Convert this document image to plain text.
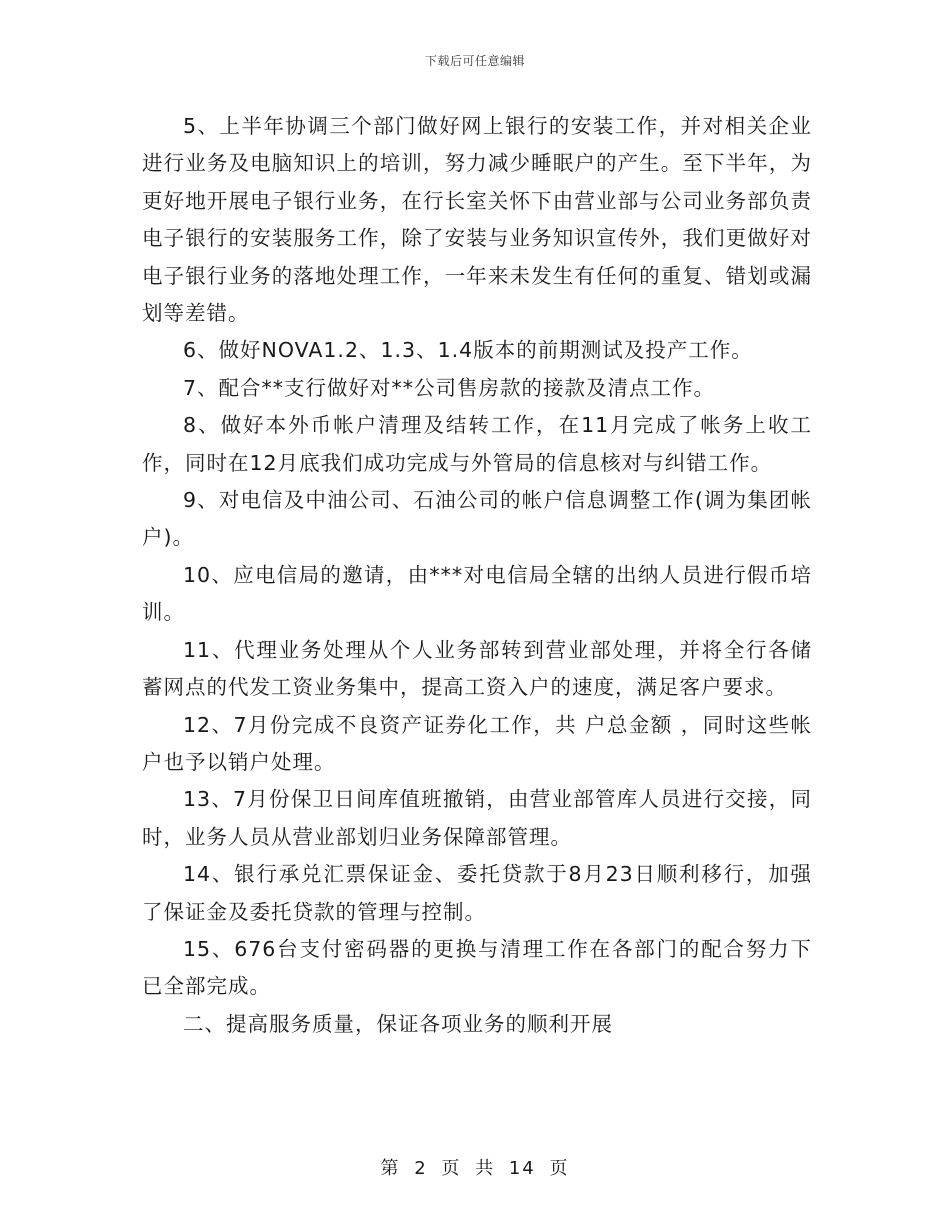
下载后可任意编辑

5、上半年协调三个部门做好网上银行的安装工作，并对相关企业进行业务及电脑知识上的培训，努力减少睡眠户的产生。至下半年，为更好地开展电子银行业务，在行长室关怀下由营业部与公司业务部负责电子银行的安装服务工作，除了安装与业务知识宣传外，我们更做好对电子银行业务的落地处理工作，一年来未发生有任何的重复、错划或漏划等差错。

6、做好NOVA1.2、1.3、1.4版本的前期测试及投产工作。

7、配合**支行做好对**公司售房款的接款及清点工作。

8、做好本外币帐户清理及结转工作，在11月完成了帐务上收工作，同时在12月底我们成功完成与外管局的信息核对与纠错工作。

9、对电信及中油公司、石油公司的帐户信息调整工作(调为集团帐户)。

10、应电信局的邀请，由***对电信局全辖的出纳人员进行假币培训。

11、代理业务处理从个人业务部转到营业部处理，并将全行各储蓄网点的代发工资业务集中，提高工资入户的速度，满足客户要求。

12、7月份完成不良资产证券化工作，共 户总金额 ，同时这些帐户也予以销户处理。

13、7月份保卫日间库值班撤销，由营业部管库人员进行交接，同时，业务人员从营业部划归业务保障部管理。

14、银行承兑汇票保证金、委托贷款于8月23日顺利移行，加强了保证金及委托贷款的管理与控制。

15、676台支付密码器的更换与清理工作在各部门的配合努力下已全部完成。

二、提高服务质量，保证各项业务的顺利开展

第 2 页 共 14 页
